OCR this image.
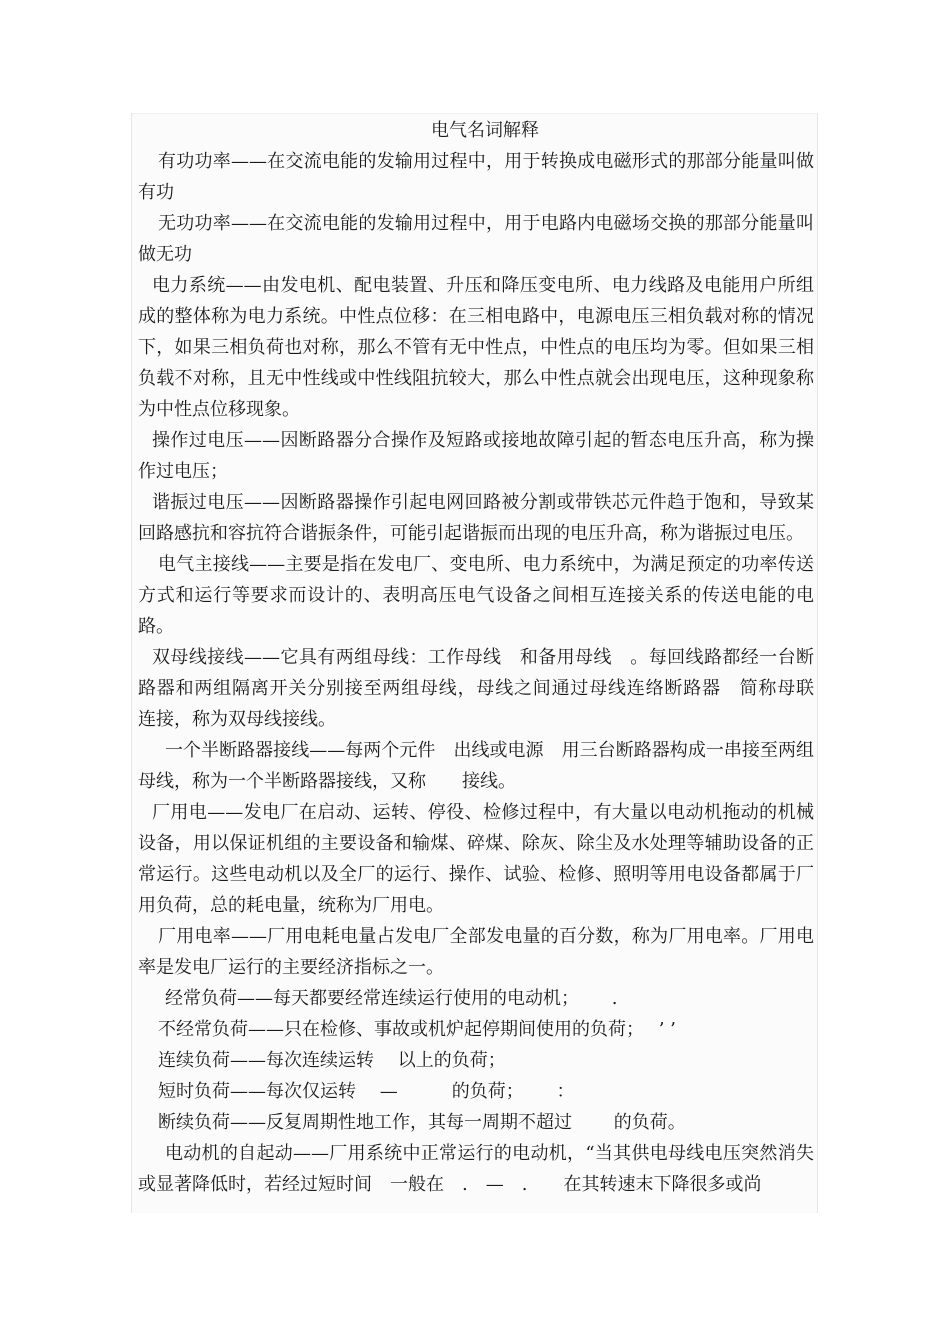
电气名词解释

有功功率——在交流电能的发输用过程中，用于转换成电磁形式的那部分能量叫做有功

无功功率——在交流电能的发输用过程中，用于电路内电磁场交换的那部分能量叫做无功

电力系统——由发电机、配电装置、升压和降压变电所、电力线路及电能用户所组成的整体称为电力系统。中性点位移：在三相电路中，电源电压三相负载对称的情况下，如果三相负荷也对称，那么不管有无中性点，中性点的电压均为零。但如果三相负载不对称，且无中性线或中性线阻抗较大，那么中性点就会出现电压，这种现象称为中性点位移现象。

操作过电压——因断路器分合操作及短路或接地故障引起的暂态电压升高，称为操作过电压；

谐振过电压——因断路器操作引起电网回路被分割或带铁芯元件趋于饱和，导致某回路感抗和容抗符合谐振条件，可能引起谐振而出现的电压升高，称为谐振过电压。

电气主接线——主要是指在发电厂、变电所、电力系统中，为满足预定的功率传送方式和运行等要求而设计的、表明高压电气设备之间相互连接关系的传送电能的电路。

双母线接线——它具有两组母线：工作母线　和备用母线　。每回线路都经一台断路器和两组隔离开关分别接至两组母线，母线之间通过母线连络断路器　简称母联　连接，称为双母线接线。

一个半断路器接线——每两个元件　出线或电源　用三台断路器构成一串接至两组母线，称为一个半断路器接线，又称　　接线。

厂用电——发电厂在启动、运转、停役、检修过程中，有大量以电动机拖动的机械设备，用以保证机组的主要设备和输煤、碎煤、除灰、除尘及水处理等辅助设备的正常运行。这些电动机以及全厂的运行、操作、试验、检修、照明等用电设备都属于厂用负荷，总的耗电量，统称为厂用电。

厂用电率——厂用电耗电量占发电厂全部发电量的百分数，称为厂用电率。厂用电率是发电厂运行的主要经济指标之一。

经常负荷——每天都要经常连续运行使用的电动机；　　 .

不经常负荷——只在检修、事故或机炉起停期间使用的负荷；　 ’ ’

连续负荷——每次连续运转　 以上的负荷；

短时负荷——每次仅运转　 —　　　的负荷；　　 ：

断续负荷——反复周期性地工作，其每一周期不超过　　 的负荷。

电动机的自起动——厂用系统中正常运行的电动机，“当其供电母线电压突然消失或显著降低时，若经过短时间　一般在　.　—　.　　在其转速末下降很多或尚
